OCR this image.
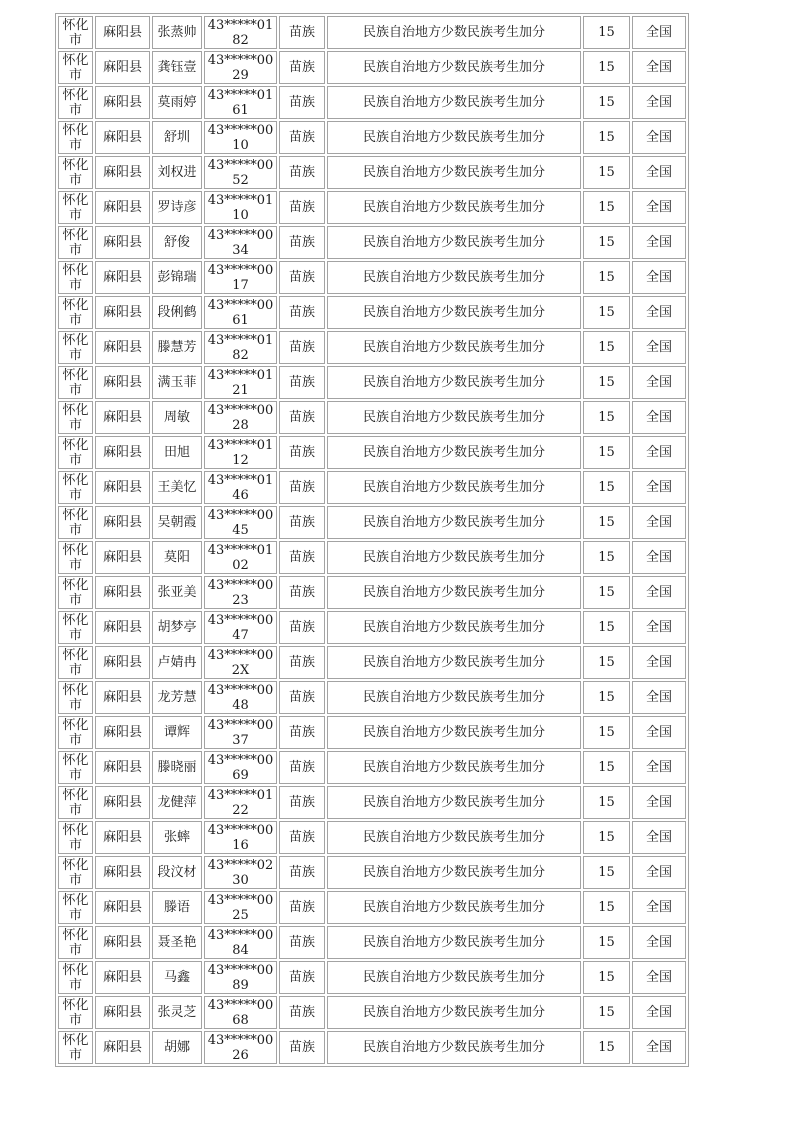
怀化市	麻阳县	张蒸帅	43*****0182	苗族	民族自治地方少数民族考生加分	15	全国
怀化市	麻阳县	龚钰壹	43*****0029	苗族	民族自治地方少数民族考生加分	15	全国
怀化市	麻阳县	莫雨婷	43*****0161	苗族	民族自治地方少数民族考生加分	15	全国
怀化市	麻阳县	舒圳	43*****0010	苗族	民族自治地方少数民族考生加分	15	全国
怀化市	麻阳县	刘权进	43*****0052	苗族	民族自治地方少数民族考生加分	15	全国
怀化市	麻阳县	罗诗彦	43*****0110	苗族	民族自治地方少数民族考生加分	15	全国
怀化市	麻阳县	舒俊	43*****0034	苗族	民族自治地方少数民族考生加分	15	全国
怀化市	麻阳县	彭锦瑞	43*****0017	苗族	民族自治地方少数民族考生加分	15	全国
怀化市	麻阳县	段俐鹤	43*****0061	苗族	民族自治地方少数民族考生加分	15	全国
怀化市	麻阳县	滕慧芳	43*****0182	苗族	民族自治地方少数民族考生加分	15	全国
怀化市	麻阳县	满玉菲	43*****0121	苗族	民族自治地方少数民族考生加分	15	全国
怀化市	麻阳县	周敏	43*****0028	苗族	民族自治地方少数民族考生加分	15	全国
怀化市	麻阳县	田旭	43*****0112	苗族	民族自治地方少数民族考生加分	15	全国
怀化市	麻阳县	王美忆	43*****0146	苗族	民族自治地方少数民族考生加分	15	全国
怀化市	麻阳县	吴朝霞	43*****0045	苗族	民族自治地方少数民族考生加分	15	全国
怀化市	麻阳县	莫阳	43*****0102	苗族	民族自治地方少数民族考生加分	15	全国
怀化市	麻阳县	张亚美	43*****0023	苗族	民族自治地方少数民族考生加分	15	全国
怀化市	麻阳县	胡梦亭	43*****0047	苗族	民族自治地方少数民族考生加分	15	全国
怀化市	麻阳县	卢婧冉	43*****002X	苗族	民族自治地方少数民族考生加分	15	全国
怀化市	麻阳县	龙芳慧	43*****0048	苗族	民族自治地方少数民族考生加分	15	全国
怀化市	麻阳县	谭辉	43*****0037	苗族	民族自治地方少数民族考生加分	15	全国
怀化市	麻阳县	滕晓丽	43*****0069	苗族	民族自治地方少数民族考生加分	15	全国
怀化市	麻阳县	龙健萍	43*****0122	苗族	民族自治地方少数民族考生加分	15	全国
怀化市	麻阳县	张蟀	43*****0016	苗族	民族自治地方少数民族考生加分	15	全国
怀化市	麻阳县	段汶材	43*****0230	苗族	民族自治地方少数民族考生加分	15	全国
怀化市	麻阳县	滕语	43*****0025	苗族	民族自治地方少数民族考生加分	15	全国
怀化市	麻阳县	聂圣艳	43*****0084	苗族	民族自治地方少数民族考生加分	15	全国
怀化市	麻阳县	马鑫	43*****0089	苗族	民族自治地方少数民族考生加分	15	全国
怀化市	麻阳县	张灵芝	43*****0068	苗族	民族自治地方少数民族考生加分	15	全国
怀化市	麻阳县	胡娜	43*****0026	苗族	民族自治地方少数民族考生加分	15	全国
